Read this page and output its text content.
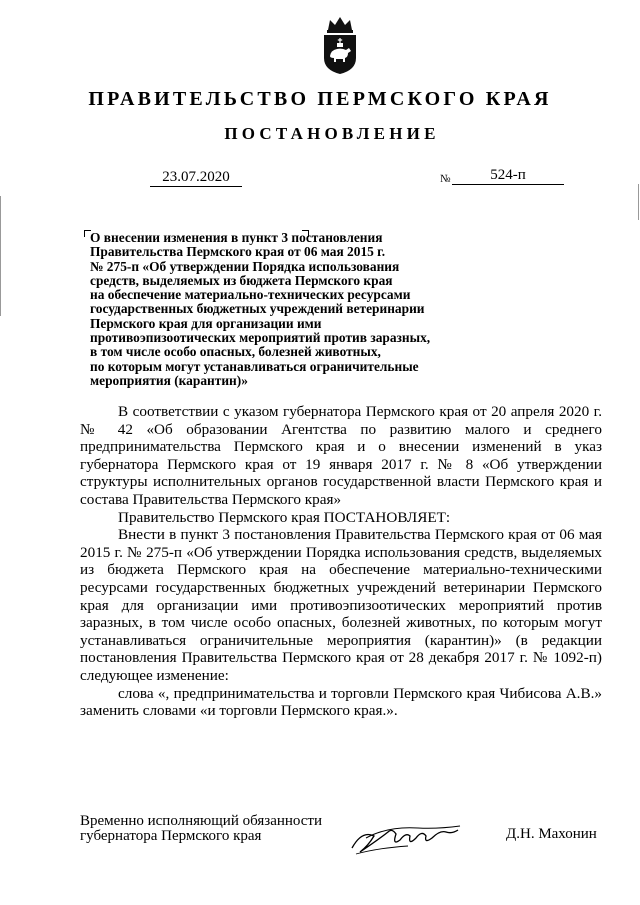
ПРАВИТЕЛЬСТВО ПЕРМСКОГО КРАЯ
ПОСТАНОВЛЕНИЕ
23.07.2020	№	524-п
О внесении изменения в пункт 3 постановления
Правительства Пермского края от 06 мая 2015 г.
№ 275-п «Об утверждении Порядка использования
средств, выделяемых из бюджета Пермского края
на обеспечение материально-технических ресурсами
государственных бюджетных учреждений ветеринарии
Пермского края для организации ими
противоэпизоотических мероприятий против заразных,
в том числе особо опасных, болезней животных,
по которым могут устанавливаться ограничительные
мероприятия (карантин)»

В соответствии с указом губернатора Пермского края от 20 апреля 2020 г. № 42 «Об образовании Агентства по развитию малого и среднего предпринимательства Пермского края и о внесении изменений в указ губернатора Пермского края от 19 января 2017 г. № 8 «Об утверждении структуры исполнительных органов государственной власти Пермского края и состава Правительства Пермского края»

Правительство Пермского края ПОСТАНОВЛЯЕТ:

Внести в пункт 3 постановления Правительства Пермского края от 06 мая 2015 г. № 275-п «Об утверждении Порядка использования средств, выделяемых из бюджета Пермского края на обеспечение материально-техническими ресурсами государственных бюджетных учреждений ветеринарии Пермского края для организации ими противоэпизоотических мероприятий против заразных, в том числе особо опасных, болезней животных, по которым могут устанавливаться ограничительные мероприятия (карантин)» (в редакции постановления Правительства Пермского края от 28 декабря 2017 г. № 1092-п) следующее изменение:

слова «, предпринимательства и торговли Пермского края Чибисова А.В.» заменить словами «и торговли Пермского края.».

Временно исполняющий обязанности
губернатора Пермского края	Д.Н. Махонин
